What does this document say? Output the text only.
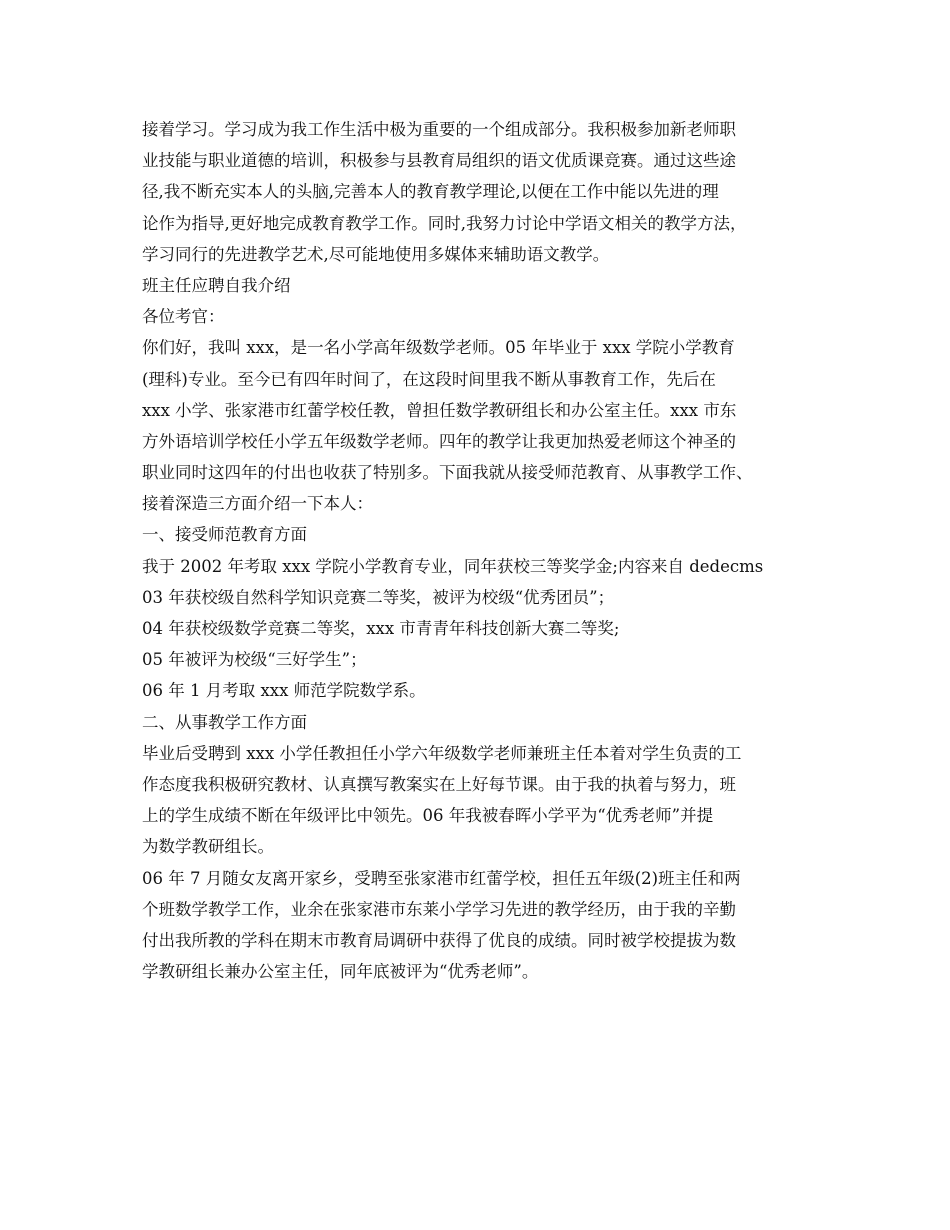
接着学习。学习成为我工作生活中极为重要的一个组成部分。我积极参加新老师职
业技能与职业道德的培训，积极参与县教育局组织的语文优质课竞赛。通过这些途
径,我不断充实本人的头脑,完善本人的教育教学理论,以便在工作中能以先进的理
论作为指导,更好地完成教育教学工作。同时,我努力讨论中学语文相关的教学方法，
学习同行的先进教学艺术,尽可能地使用多媒体来辅助语文教学。
班主任应聘自我介绍
各位考官：
你们好，我叫 xxx，是一名小学高年级数学老师。05 年毕业于 xxx 学院小学教育
(理科)专业。至今已有四年时间了，在这段时间里我不断从事教育工作，先后在
xxx 小学、张家港市红蕾学校任教，曾担任数学教研组长和办公室主任。xxx 市东
方外语培训学校任小学五年级数学老师。四年的教学让我更加热爱老师这个神圣的
职业同时这四年的付出也收获了特别多。下面我就从接受师范教育、从事教学工作、
接着深造三方面介绍一下本人：
一、接受师范教育方面
我于 2002 年考取 xxx 学院小学教育专业，同年获校三等奖学金;内容来自 dedecms
03 年获校级自然科学知识竞赛二等奖，被评为校级“优秀团员”；
04 年获校级数学竞赛二等奖，xxx 市青青年科技创新大赛二等奖;
05 年被评为校级“三好学生”；
06 年 1 月考取 xxx 师范学院数学系。
二、从事教学工作方面
毕业后受聘到 xxx 小学任教担任小学六年级数学老师兼班主任本着对学生负责的工
作态度我积极研究教材、认真撰写教案实在上好每节课。由于我的执着与努力，班
上的学生成绩不断在年级评比中领先。06 年我被春晖小学平为“优秀老师”并提
为数学教研组长。
06 年 7 月随女友离开家乡，受聘至张家港市红蕾学校，担任五年级(2)班主任和两
个班数学教学工作，业余在张家港市东莱小学学习先进的教学经历，由于我的辛勤
付出我所教的学科在期末市教育局调研中获得了优良的成绩。同时被学校提拔为数
学教研组长兼办公室主任，同年底被评为“优秀老师”。
